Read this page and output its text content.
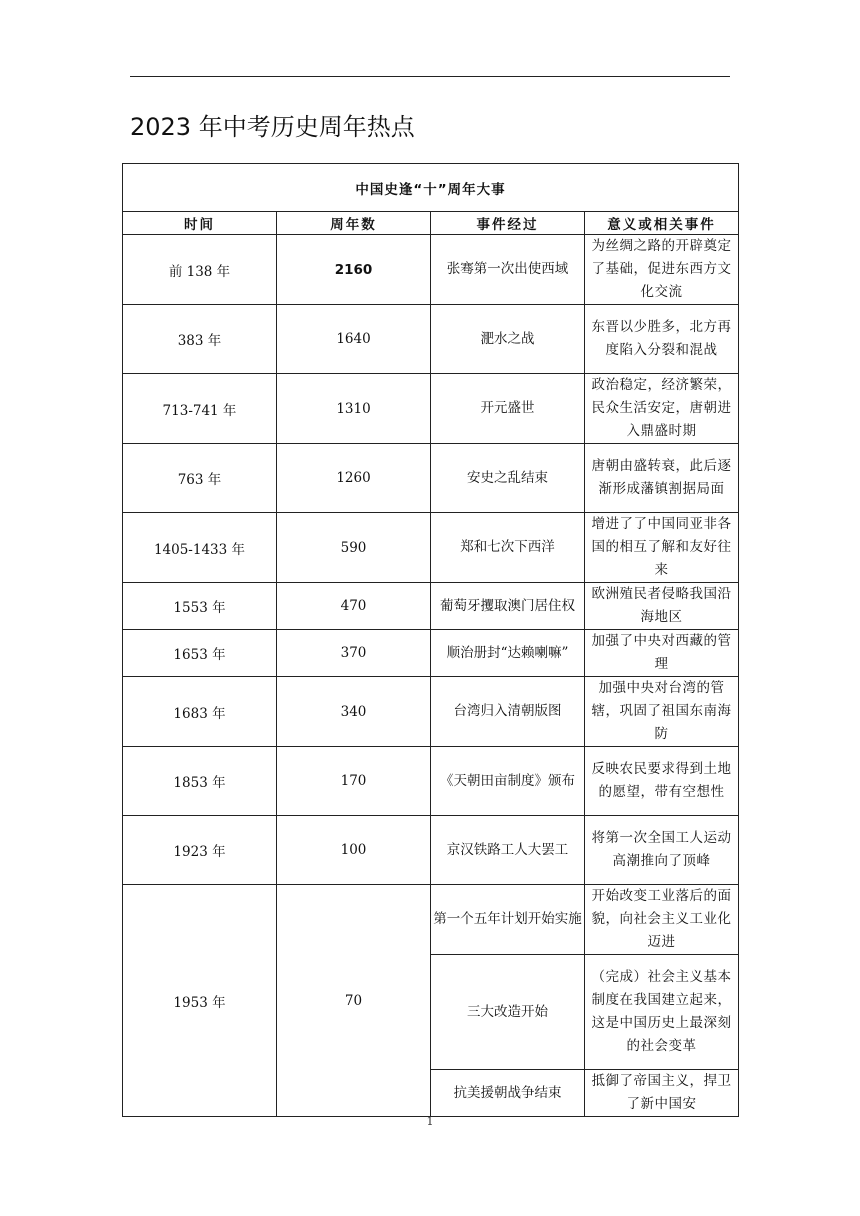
2023 年中考历史周年热点
中国史逢“十”周年大事			
时间	周年数	事件经过	意义或相关事件
前 138 年	2160	张骞第一次出使西域	为丝绸之路的开辟奠定了基础，促进东西方文化交流
383 年	1640	淝水之战	东晋以少胜多，北方再度陷入分裂和混战
713-741 年	1310	开元盛世	政治稳定，经济繁荣，民众生活安定，唐朝进入鼎盛时期
763 年	1260	安史之乱结束	唐朝由盛转衰，此后逐渐形成藩镇割据局面
1405-1433 年	590	郑和七次下西洋	增进了了中国同亚非各国的相互了解和友好往来
1553 年	470	葡萄牙攫取澳门居住权	欧洲殖民者侵略我国沿海地区
1653 年	370	顺治册封“达赖喇嘛”	加强了中央对西藏的管理
1683 年	340	台湾归入清朝版图	加强中央对台湾的管辖，巩固了祖国东南海防
1853 年	170	《天朝田亩制度》颁布	反映农民要求得到土地的愿望，带有空想性
1923 年	100	京汉铁路工人大罢工	将第一次全国工人运动高潮推向了顶峰
1953 年	70	第一个五年计划开始实施	开始改变工业落后的面貌，向社会主义工业化迈进
		三大改造开始	（完成）社会主义基本制度在我国建立起来，这是中国历史上最深刻的社会变革
		抗美援朝战争结束	抵御了帝国主义，捍卫了新中国安
1
